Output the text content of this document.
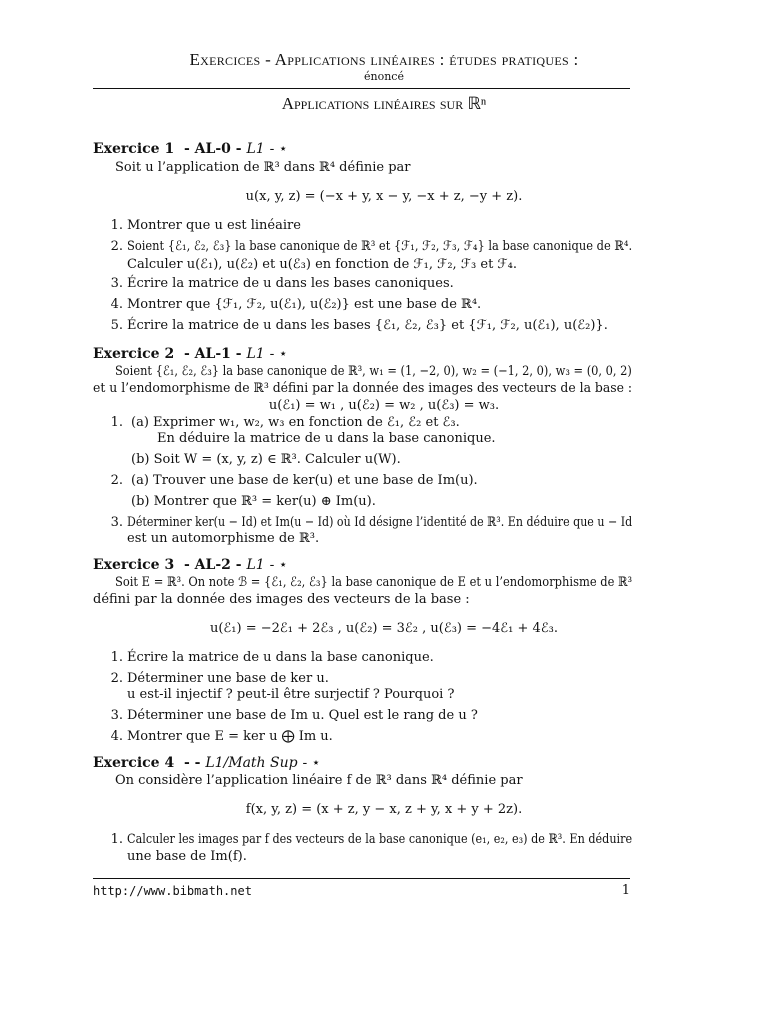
Exercices - Applications linéaires : études pratiques :
énoncé
Applications linéaires sur ℝⁿ
Exercice 1 - AL-0 - L1 - ⋆
Soit u l’application de ℝ³ dans ℝ⁴ définie par
u(x, y, z) = (−x + y, x − y, −x + z, −y + z).
1. Montrer que u est linéaire
2. Soient {ℰ₁, ℰ₂, ℰ₃} la base canonique de ℝ³ et {ℱ₁, ℱ₂, ℱ₃, ℱ₄} la base canonique de ℝ⁴.
Calculer u(ℰ₁), u(ℰ₂) et u(ℰ₃) en fonction de ℱ₁, ℱ₂, ℱ₃ et ℱ₄.
3. Écrire la matrice de u dans les bases canoniques.
4. Montrer que {ℱ₁, ℱ₂, u(ℰ₁), u(ℰ₂)} est une base de ℝ⁴.
5. Écrire la matrice de u dans les bases {ℰ₁, ℰ₂, ℰ₃} et {ℱ₁, ℱ₂, u(ℰ₁), u(ℰ₂)}.
Exercice 2 - AL-1 - L1 - ⋆
Soient {ℰ₁, ℰ₂, ℰ₃} la base canonique de ℝ³, w₁ = (1, −2, 0), w₂ = (−1, 2, 0), w₃ = (0, 0, 2)
et u l’endomorphisme de ℝ³ défini par la donnée des images des vecteurs de la base :
u(ℰ₁) = w₁ , u(ℰ₂) = w₂ , u(ℰ₃) = w₃.
1. (a) Exprimer w₁, w₂, w₃ en fonction de ℰ₁, ℰ₂ et ℰ₃.
En déduire la matrice de u dans la base canonique.
(b) Soit W = (x, y, z) ∈ ℝ³. Calculer u(W).
2. (a) Trouver une base de ker(u) et une base de Im(u).
(b) Montrer que ℝ³ = ker(u) ⊕ Im(u).
3. Déterminer ker(u − Id) et Im(u − Id) où Id désigne l’identité de ℝ³. En déduire que u − Id
est un automorphisme de ℝ³.
Exercice 3 - AL-2 - L1 - ⋆
Soit E = ℝ³. On note ℬ = {ℰ₁, ℰ₂, ℰ₃} la base canonique de E et u l’endomorphisme de ℝ³
défini par la donnée des images des vecteurs de la base :
u(ℰ₁) = −2ℰ₁ + 2ℰ₃ , u(ℰ₂) = 3ℰ₂ , u(ℰ₃) = −4ℰ₁ + 4ℰ₃.
1. Écrire la matrice de u dans la base canonique.
2. Déterminer une base de ker u.
u est-il injectif ? peut-il être surjectif ? Pourquoi ?
3. Déterminer une base de Im u. Quel est le rang de u ?
4. Montrer que E = ker u ⨁ Im u.
Exercice 4 - - L1/Math Sup - ⋆
On considère l’application linéaire f de ℝ³ dans ℝ⁴ définie par
f(x, y, z) = (x + z, y − x, z + y, x + y + 2z).
1. Calculer les images par f des vecteurs de la base canonique (e₁, e₂, e₃) de ℝ³. En déduire
une base de Im(f).
http://www.bibmath.net	1
